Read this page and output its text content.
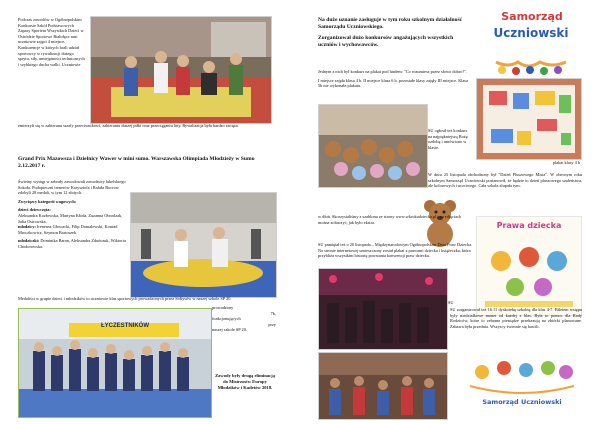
Podczas zawodów w Ogólnopolskim Konkursie Szkół Podstawowych Zapasy Sportem Wszystkich Dzieci w Ostródzie Sportowe Białołęce nasi uczniowie zajęci 4 miejsce. Konkurencje w których brali udział sportowcy w rywalizacji dużego sprytu, siły, umiejętności technicznych i szybkiego ducha walki. Uczniowie
zmierzyli się w zabieranu szarfy przeciwnikowi, zabieraniu duszej piłki oraz przeciąganiu liny. Rywalizacja była bardzo zacięta.
Grand Prix Mazowsza i Dzielnicy Wawer w mini sumo. Warszawska Olimpiada Młodzieży w Sumo 2.12.2017 r.
Świetny występ w zebrały zawodowali zawodnicy lubelskiego Sokoła. Podopieczni trenerów Krzysztofa i Rafała Bocrow zdobyli 28 medali, w tym 12 złotych.
Zwycięzcy kategorii wagowych:
dzieci dziewczęta:
Aleksandra Kozłowska, Martyna Kłoda, Zuzanna Obrodzak, Julia Ostrowska.
młodzicy: Ireneusz Głowacki, Filip Domalewski, Konrad Mroczkowicz, Szymon Bartoszek.
młodziczki: Dominika Baran, Aleksandra Zduńczuk, Wiktoria Chodorowska.
Medaliści w grupie dzieci i młodzików to uczniowie klas sportowych prowadzonych przez Sołtysów w naszej szkole SP 20.
ŁYCZESTNIKÓW
prowadzony
7b,
funkcjonujących
przy
naszej szkole SP 20.
Zawody były drugą eliminacją do Mistrzostw Europy Młodzików i Kadetów 2018.
Na duże uznanie zasługuje w tym roku szkolnym działalność Samorządu Uczniowskiego.
Zorganizował dużo konkursów angażujących wszystkich uczniów i wychowawców.
Samorząd
Uczniowski
Jednym z nich był konkurs na plakat pod hasłem: "Co rozumiesz przez słowo dobro?".
I miejsce zajęła klasa 4 b, II miejsce klasa 6 b, pozostałe klasy zajęły III miejsce. Klasa 5b nie wykonała plakatu.
SU ogłosił też konkurs na najpiękniejszą Bożę ozdobą i umówiono w klasie.
plakat klasy 4 b
W dniu 25 listopada obchodzony był "Dzień Pluszowego Misia". W obecnym roku szkolnym Samorząd Uczniowski postanowił, że będzie to dzień pluszowego szaleństwa, ale kolorowych i uczciwego. Cała szkoła zlupała tym.
w dłoń. Skorzystaliśmy z szablonu ze strony www.wkrokudziecka.pl i na zdjęciach można zobaczyć, jak było ekstra.	Prawa dziecka
SU pamiętał też o 20 listopada – Międzynarodowym Ogólnopolskim Dniu Praw Dziecka. Na stronie internetowej umieszczony został plakat z prawami dziecka i książeczka, która przybliża wszystkim historię powstania konwencji praw dziecka.
SU
SU zorganizował też 16.11 dyskotekę szkolną dla klas 4-7. Biletem wstępu były niedziałkowe monet od każdej z klas. Była to pomoc dla Rady Rodziców, które to zebrane pieniądze przekazują na zbiórki planowane. Zabawa była przednia. Wszyscy świetnie się bawili.
Samorząd Uczniowski
